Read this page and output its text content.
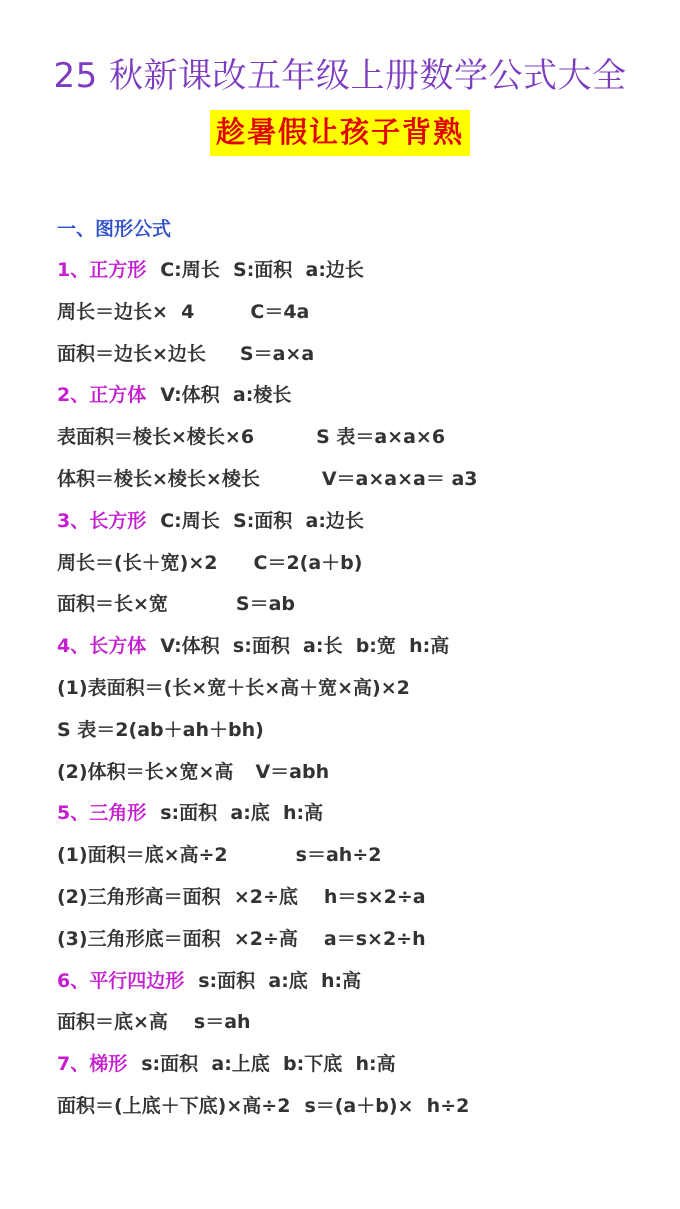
25 秋新课改五年级上册数学公式大全
趁暑假让孩子背熟
一、图形公式
1、正方形 C:周长  S:面积  a:边长
周长＝边长×  4	C＝4a
面积＝边长×边长 S＝a×a
2、正方体 V:体积  a:棱长
表面积＝棱长×棱长×6	S 表＝a×a×6
体积＝棱长×棱长×棱长	V＝a×a×a＝ a3
3、长方形 C:周长  S:面积  a:边长
周长＝(长＋宽)×2 C＝2(a＋b)
面积＝长×宽	S＝ab
4、长方体 V:体积  s:面积  a:长  b:宽  h:高
(1)表面积＝(长×宽＋长×高＋宽×高)×2
S 表＝2(ab＋ah＋bh)
(2)体积＝长×宽×高 V＝abh
5、三角形 s:面积  a:底  h:高
(1)面积＝底×高÷2	s＝ah÷2
(2)三角形高＝面积  ×2÷底 h＝s×2÷a
(3)三角形底＝面积  ×2÷高 a＝s×2÷h
6、平行四边形 s:面积  a:底  h:高
面积＝底×高 s＝ah
7、梯形 s:面积  a:上底  b:下底  h:高
面积＝(上底＋下底)×高÷2 s＝(a＋b)×  h÷2
